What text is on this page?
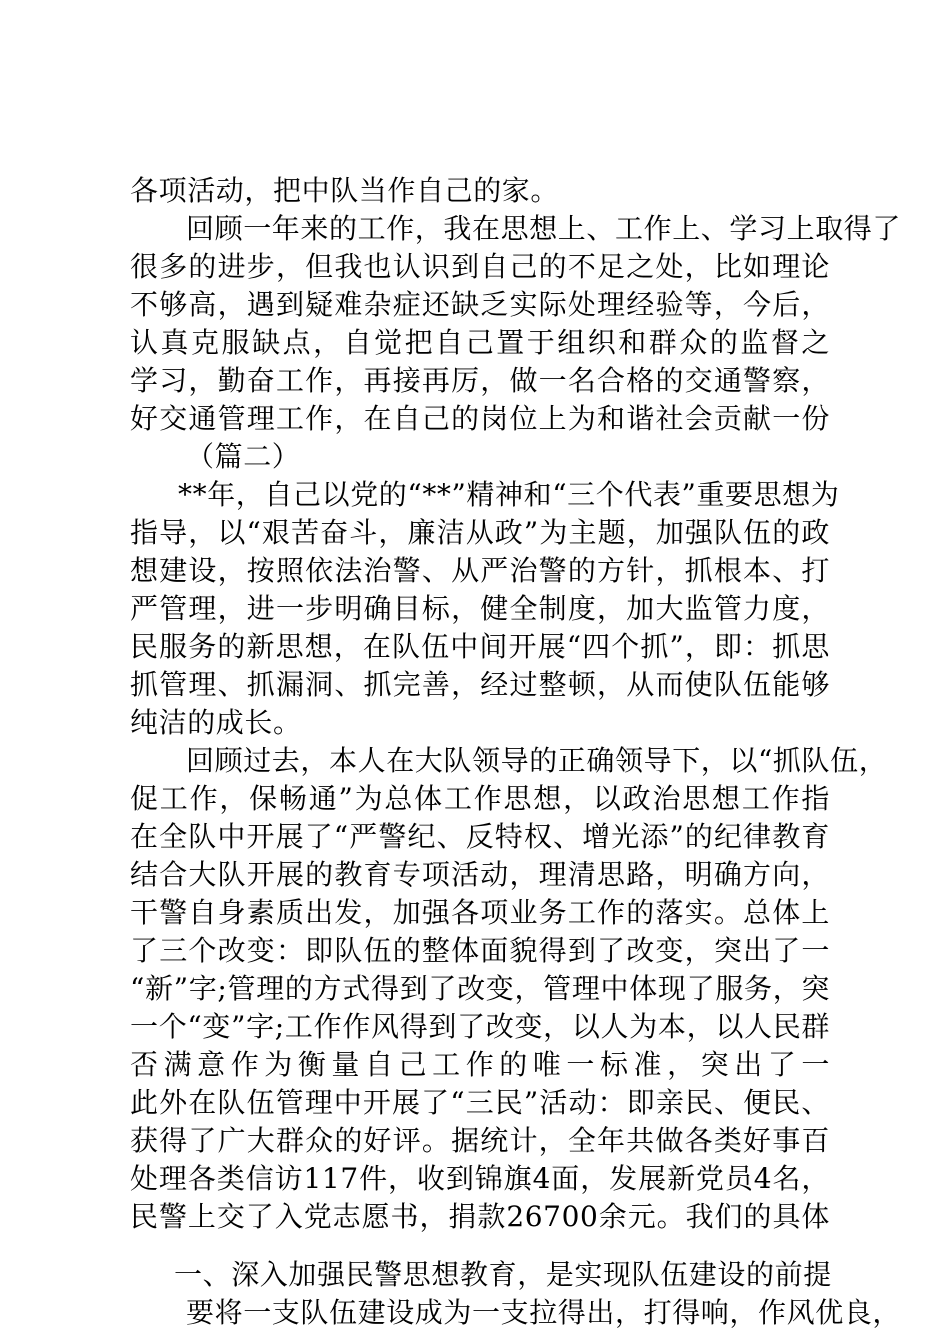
各项活动，把中队当作自己的家。
回顾一年来的工作，我在思想上、工作上、学习上取得了
很多的进步，但我也认识到自己的不足之处，比如理论
不够高，遇到疑难杂症还缺乏实际处理经验等，今后，
认真克服缺点，自觉把自己置于组织和群众的监督之
学习，勤奋工作，再接再厉，做一名合格的交通警察，
好交通管理工作，在自己的岗位上为和谐社会贡献一份
（篇二）
**年，自己以党的“**”精神和“三个代表”重要思想为
指导，以“艰苦奋斗，廉洁从政”为主题，加强队伍的政
想建设，按照依法治警、从严治警的方针，抓根本、打
严管理，进一步明确目标，健全制度，加大监管力度，
民服务的新思想，在队伍中间开展“四个抓”，即：抓思
抓管理、抓漏洞、抓完善，经过整顿，从而使队伍能够
纯洁的成长。
回顾过去，本人在大队领导的正确领导下，以“抓队伍，
促工作，保畅通”为总体工作思想，以政治思想工作指
在全队中开展了“严警纪、反特权、增光添”的纪律教育
结合大队开展的教育专项活动，理清思路，明确方向，
干警自身素质出发，加强各项业务工作的落实。总体上
了三个改变：即队伍的整体面貌得到了改变，突出了一
“新”字;管理的方式得到了改变，管理中体现了服务，突
一个“变”字;工作作风得到了改变，以人为本，以人民群
否满意作为衡量自己工作的唯一标准，突出了一
此外在队伍管理中开展了“三民”活动：即亲民、便民、
获得了广大群众的好评。据统计，全年共做各类好事百
处理各类信访117件，收到锦旗4面，发展新党员4名，
民警上交了入党志愿书，捐款26700余元。我们的具体
一、深入加强民警思想教育，是实现队伍建设的前提
要将一支队伍建设成为一支拉得出，打得响，作风优良，
